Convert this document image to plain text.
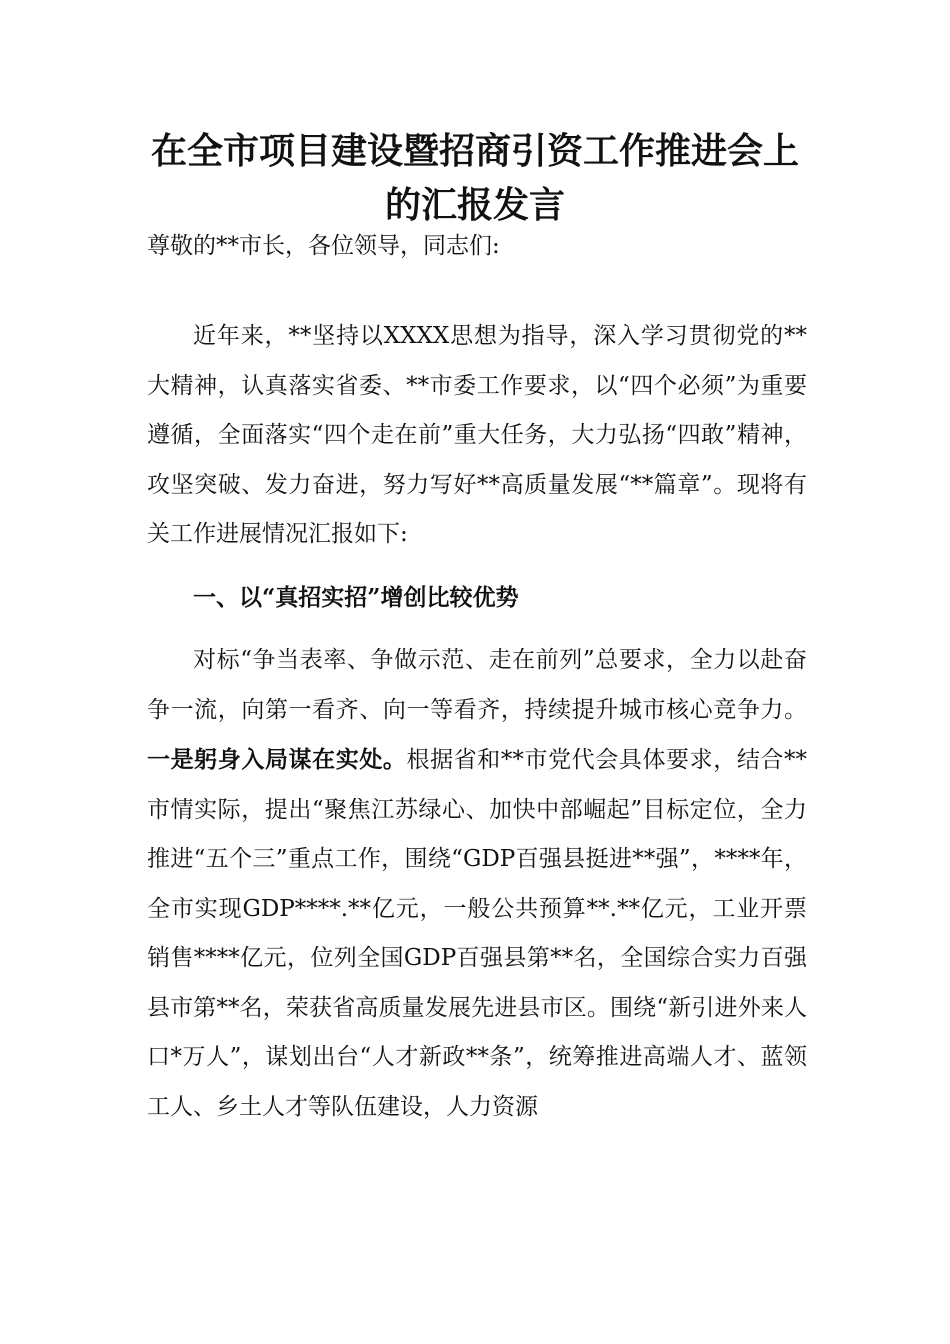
在全市项目建设暨招商引资工作推进会上的汇报发言
尊敬的**市长，各位领导，同志们:
近年来，**坚持以XXXX思想为指导，深入学习贯彻党的**大精神，认真落实省委、**市委工作要求，以“四个必须”为重要遵循，全面落实“四个走在前”重大任务，大力弘扬“四敢”精神，攻坚突破、发力奋进，努力写好**高质量发展“**篇章”。现将有关工作进展情况汇报如下:
一、以“真招实招”增创比较优势
对标“争当表率、争做示范、走在前列”总要求，全力以赴奋争一流，向第一看齐、向一等看齐，持续提升城市核心竞争力。一是躬身入局谋在实处。根据省和**市党代会具体要求，结合**市情实际，提出“聚焦江苏绿心、加快中部崛起”目标定位，全力推进“五个三”重点工作，围绕“GDP百强县挺进**强”，****年，全市实现GDP****.**亿元，一般公共预算**.**亿元，工业开票销售****亿元，位列全国GDP百强县第**名，全国综合实力百强县市第**名，荣获省高质量发展先进县市区。围绕“新引进外来人口*万人”，谋划出台“人才新政**条”，统筹推进高端人才、蓝领工人、乡土人才等队伍建设，人力资源
